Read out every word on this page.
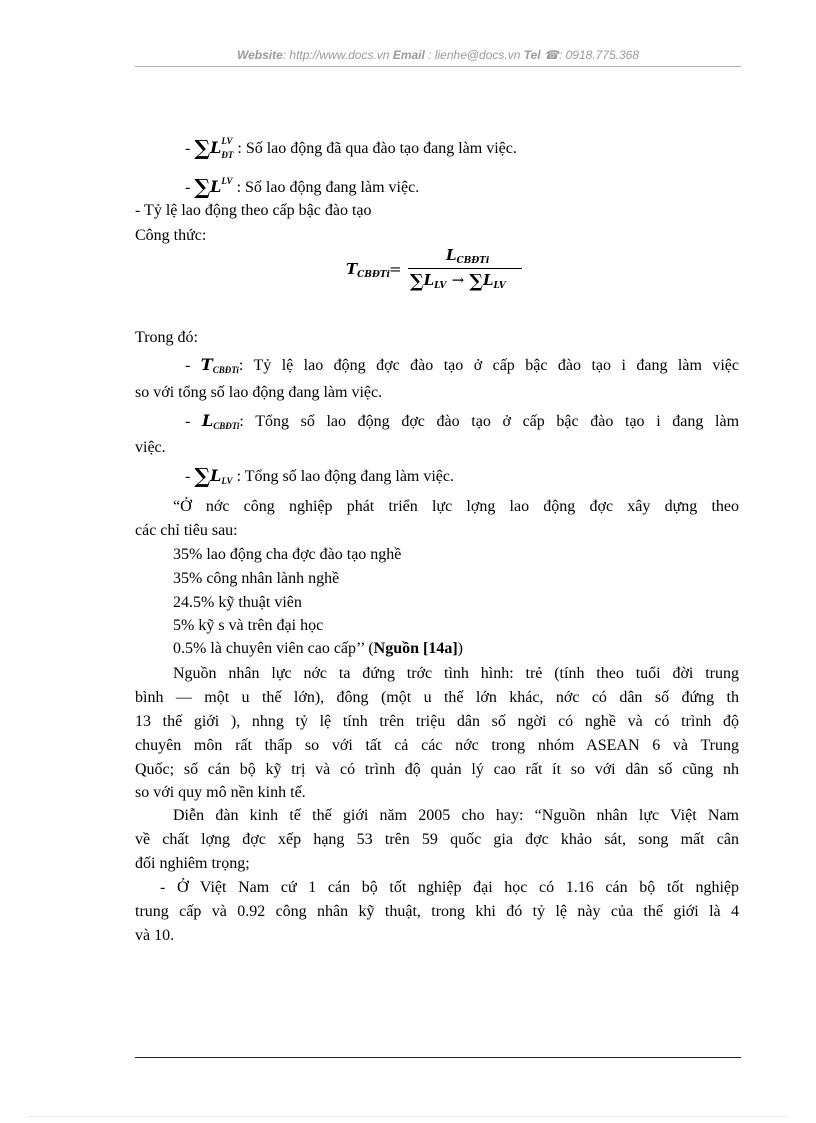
Website: http://www.docs.vn Email : lienhe@docs.vn Tel ☎: 0918.775.368
- ∑L LV
ĐT : Số lao động đã qua đào tạo đang làm việc.
- $\sum L^{LV}$ : Số lao động đang làm việc.
- Tỷ lệ lao động theo cấp bậc đào tạo
Công thức:
$T_{CBĐTi}$ =
$L_{CBĐTi}$
$\sum L_{LV} \to \sum L_{LV}$
Trong đó:
- $T_{CBĐTi}$: Tỷ lệ lao động đợc đào tạo ở cấp bậc đào tạo i đang làm việc
so với tổng số lao động đang làm việc.
- $L_{CBĐTi}$: Tổng số lao động đợc đào tạo ở cấp bậc đào tạo i đang làm
việc.
- $\sum L_{LV}$ : Tổng số lao động đang làm việc.
“Ở nớc công nghiệp phát triển lực lợng lao động đợc xây dựng theo
các chỉ tiêu sau:
35% lao động cha đợc đào tạo nghề
35% công nhân lành nghề
24.5% kỹ thuật viên
5% kỹ s và trên đại học
0.5% là chuyên viên cao cấp’’ (Nguồn [14a])
Nguồn nhân lực nớc ta đứng trớc tình hình: trẻ (tính theo tuổi đời trung
bình — một u thế lớn), đông (một u thế lớn khác, nớc có dân số đứng th
13 thế giới ), nhng tỷ lệ tính trên triệu dân số ngời có nghề và có trình độ
chuyên môn rất thấp so với tất cả các nớc trong nhóm ASEAN 6 và Trung
Quốc; số cán bộ kỹ trị và có trình độ quản lý cao rất ít so với dân số cũng nh
so với quy mô nền kinh tế.
Diễn đàn kinh tế thế giới năm 2005 cho hay: “Nguồn nhân lực Việt Nam
về chất lợng đợc xếp hạng 53 trên 59 quốc gia đợc khảo sát, song mất cân
đối nghiêm trọng;
- Ở Việt Nam cứ 1 cán bộ tốt nghiệp đại học có 1.16 cán bộ tốt nghiệp
trung cấp và 0.92 công nhân kỹ thuật, trong khi đó tỷ lệ này của thế giới là 4
và 10.
